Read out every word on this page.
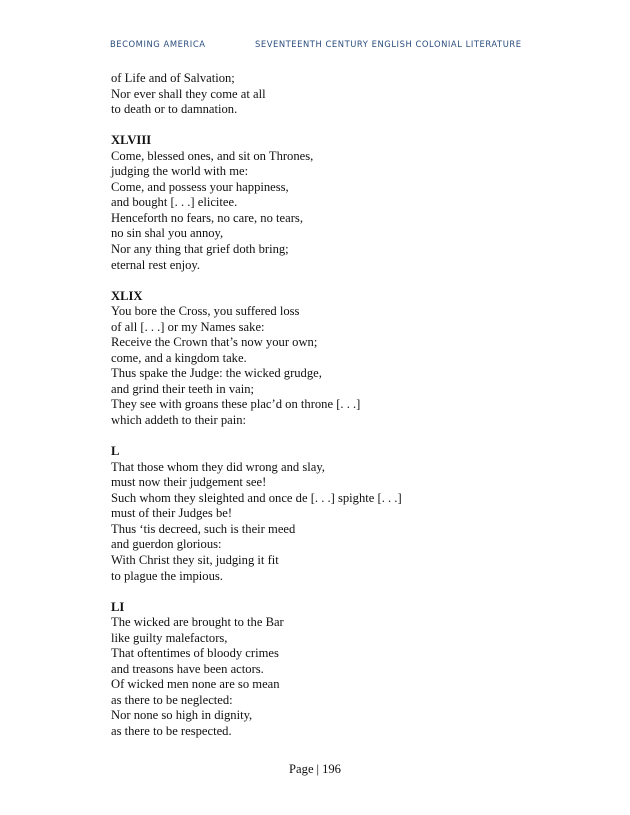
BECOMING AMERICA	SEVENTEENTH CENTURY ENGLISH COLONIAL LITERATURE
of Life and of Salvation;
Nor ever shall they come at all
to death or to damnation.
XLVIII
Come, blessed ones, and sit on Thrones,
judging the world with me:
Come, and possess your happiness,
and bought [. . .] elicitee.
Henceforth no fears, no care, no tears,
no sin shal you annoy,
Nor any thing that grief doth bring;
eternal rest enjoy.
XLIX
You bore the Cross, you suffered loss
of all [. . .] or my Names sake:
Receive the Crown that’s now your own;
come, and a kingdom take.
Thus spake the Judge: the wicked grudge,
and grind their teeth in vain;
They see with groans these plac’d on throne [. . .]
which addeth to their pain:
L
That those whom they did wrong and slay,
must now their judgement see!
Such whom they sleighted and once de [. . .] spighte [. . .]
must of their Judges be!
Thus ‘tis decreed, such is their meed
and guerdon glorious:
With Christ they sit, judging it fit
to plague the impious.
LI
The wicked are brought to the Bar
like guilty malefactors,
That oftentimes of bloody crimes
and treasons have been actors.
Of wicked men none are so mean
as there to be neglected:
Nor none so high in dignity,
as there to be respected.
Page | 196
